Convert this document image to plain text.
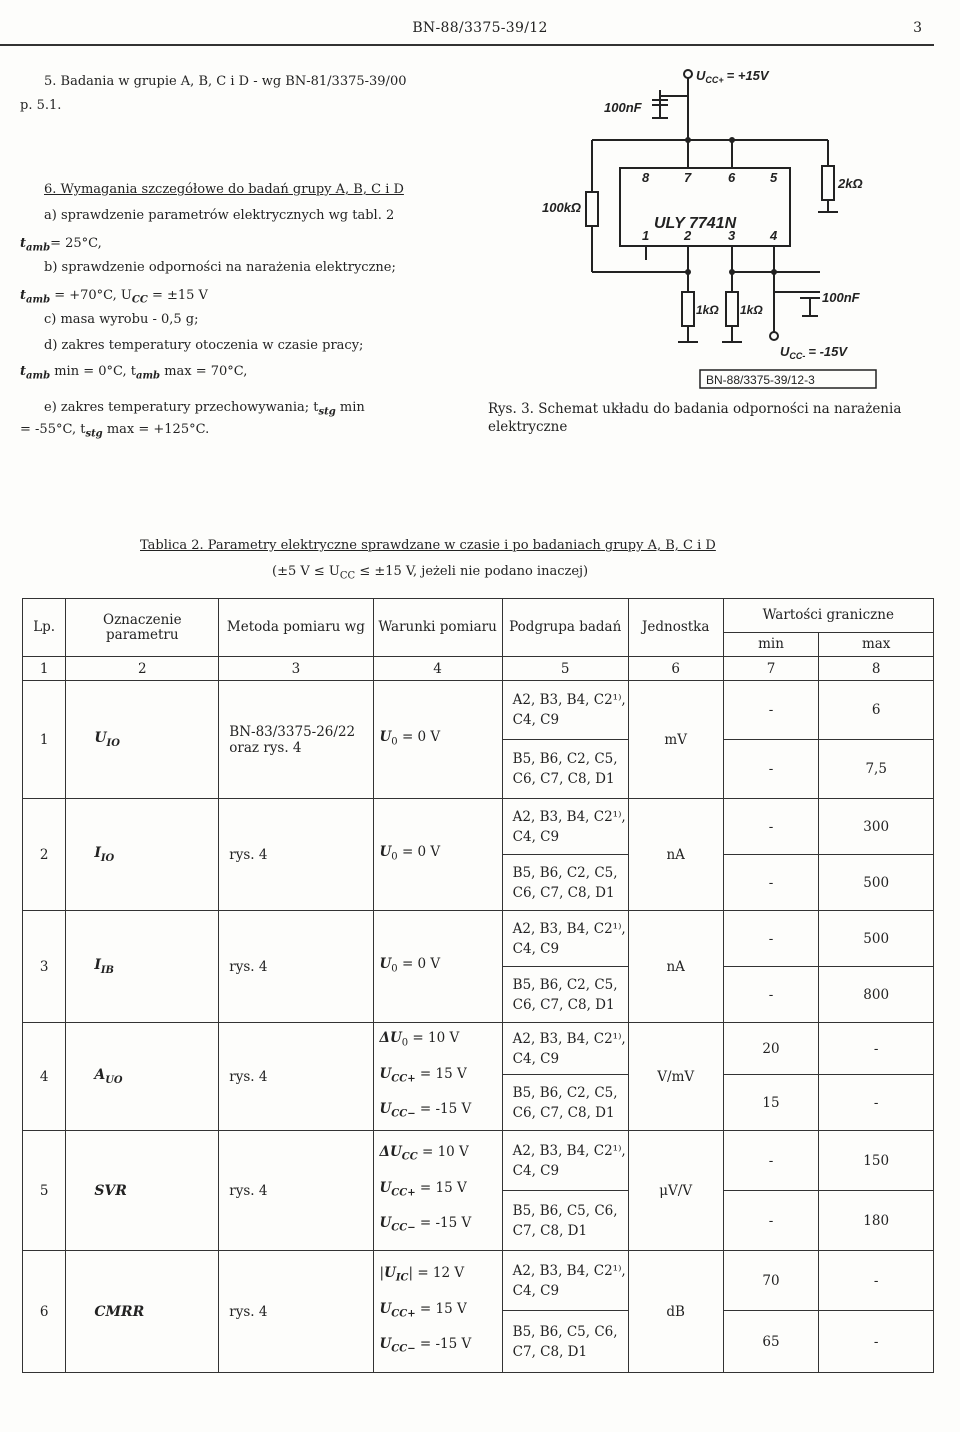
BN-88/3375-39/12	3
5. Badania w grupie A, B, C i D - wg BN-81/3375-39/00
p. 5.1.
6. Wymagania szczegółowe do badań grupy A, B, C i D
a) sprawdzenie parametrów elektrycznych wg tabl. 2
$t_{amb}= 25^\circ C$,
b) sprawdzenie odporności na narażenia elektryczne;
$t_{amb} = +70^\circ C$, $U_{CC} = \pm 15$ V
c) masa wyrobu - 0,5 g;
d) zakres temperatury otoczenia w czasie pracy;
$t_{amb}$ min = 0°C, $t_{amb}$ max = 70°C,
e) zakres temperatury przechowywania; $t_{stg}$ min
= -55°C, $t_{stg}$ max = +125°C.
$U_{CC+} = +15V$
100nF
100kΩ
2kΩ
ULY 7741N
8	7	6	5
1	2	3	4
1kΩ 1kΩ
100nF
$U_{CC-} = -15V$
BN-88/3375-39/12-3
Rys. 3. Schemat układu do badania odporności na narażenia elektryczne
Tablica 2. Parametry elektryczne sprawdzane w czasie i po badaniach grupy A, B, C i D
(±5 $V \le U_{CC} \le \pm 15$ V, jeżeli nie podano inaczej)
Lp.	Oznaczenie parametru	Metoda pomiaru wg	Warunki pomiaru	Podgrupa badań	Jednostka	Wartości graniczne	
						min	max
1	2	3	4	5	6	7	8
1	$U_{IO}$	BN-83/3375-26/22 oraz rys. 4	$U_0 = 0$ V	A2, B3, B4, C2¹⁾, C4, C9	mV	-	6
				B5, B6, C2, C5, C6, C7, C8, D1		-	7,5
2	$I_{IO}$	rys. 4	$U_0 = 0$ V	A2, B3, B4, C2¹⁾, C4, C9	nA	-	300
				B5, B6, C2, C5, C6, C7, C8, D1		-	500
3	$I_{IB}$	rys. 4	$U_0 = 0$ V	A2, B3, B4, C2¹⁾, C4, C9	nA	-	500
				B5, B6, C2, C5, C6, C7, C8, D1		-	800
4	$A_{UO}$	rys. 4	$\Delta U_0 = 10$ V
$U_{CC+} = 15$ V
$U_{CC-} = -15$ V	A2, B3, B4, C2¹⁾, C4, C9	V/mV	20	-
				B5, B6, C2, C5, C6, C7, C8, D1		15	-
5	SVR	rys. 4	$\Delta U_{CC} = 10$ V
$U_{CC+} = 15$ V
$U_{CC-} = -15$ V	A2, B3, B4, C2¹⁾, C4, C9	μV/V	-	150
				B5, B6, C5, C6, C7, C8, D1		-	180
6	CMRR	rys. 4	$|U_{IC}| = 12$ V
$U_{CC+} = 15$ V
$U_{CC-} = -15$ V	A2, B3, B4, C2¹⁾, C4, C9	dB	70	-
				B5, B6, C5, C6, C7, C8, D1		65	-
